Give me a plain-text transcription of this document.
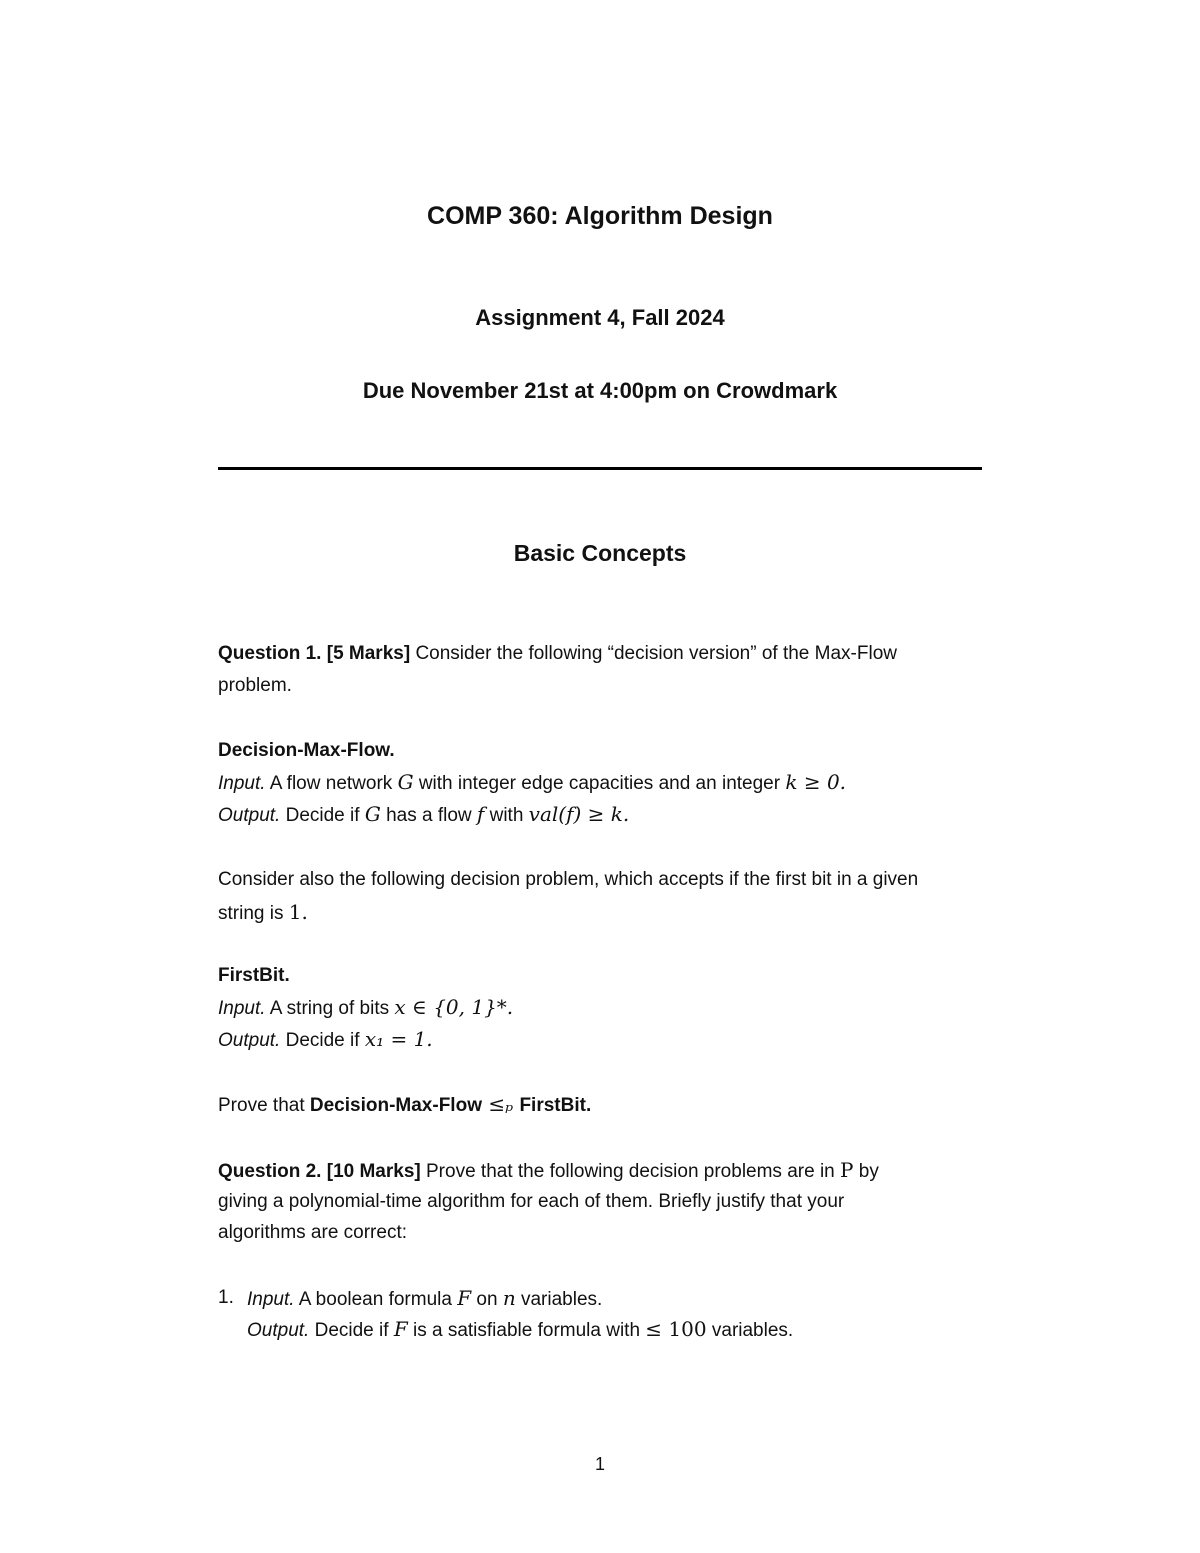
COMP 360: Algorithm Design
Assignment 4, Fall 2024
Due November 21st at 4:00pm on Crowdmark
Basic Concepts
Question 1. [5 Marks] Consider the following “decision version” of the Max-Flow
problem.
Decision-Max-Flow.
Input. A flow network G with integer edge capacities and an integer k ≥ 0.
Output. Decide if G has a flow f with val(f) ≥ k.
Consider also the following decision problem, which accepts if the first bit in a given
string is 1.
FirstBit.
Input. A string of bits x ∈ {0, 1}*.
Output. Decide if x₁ = 1.
Prove that Decision-Max-Flow ≤ₚ FirstBit.
Question 2. [10 Marks] Prove that the following decision problems are in P by
giving a polynomial-time algorithm for each of them. Briefly justify that your
algorithms are correct:
1. Input. A boolean formula F on n variables.
Output. Decide if F is a satisfiable formula with ≤ 100 variables.
1
